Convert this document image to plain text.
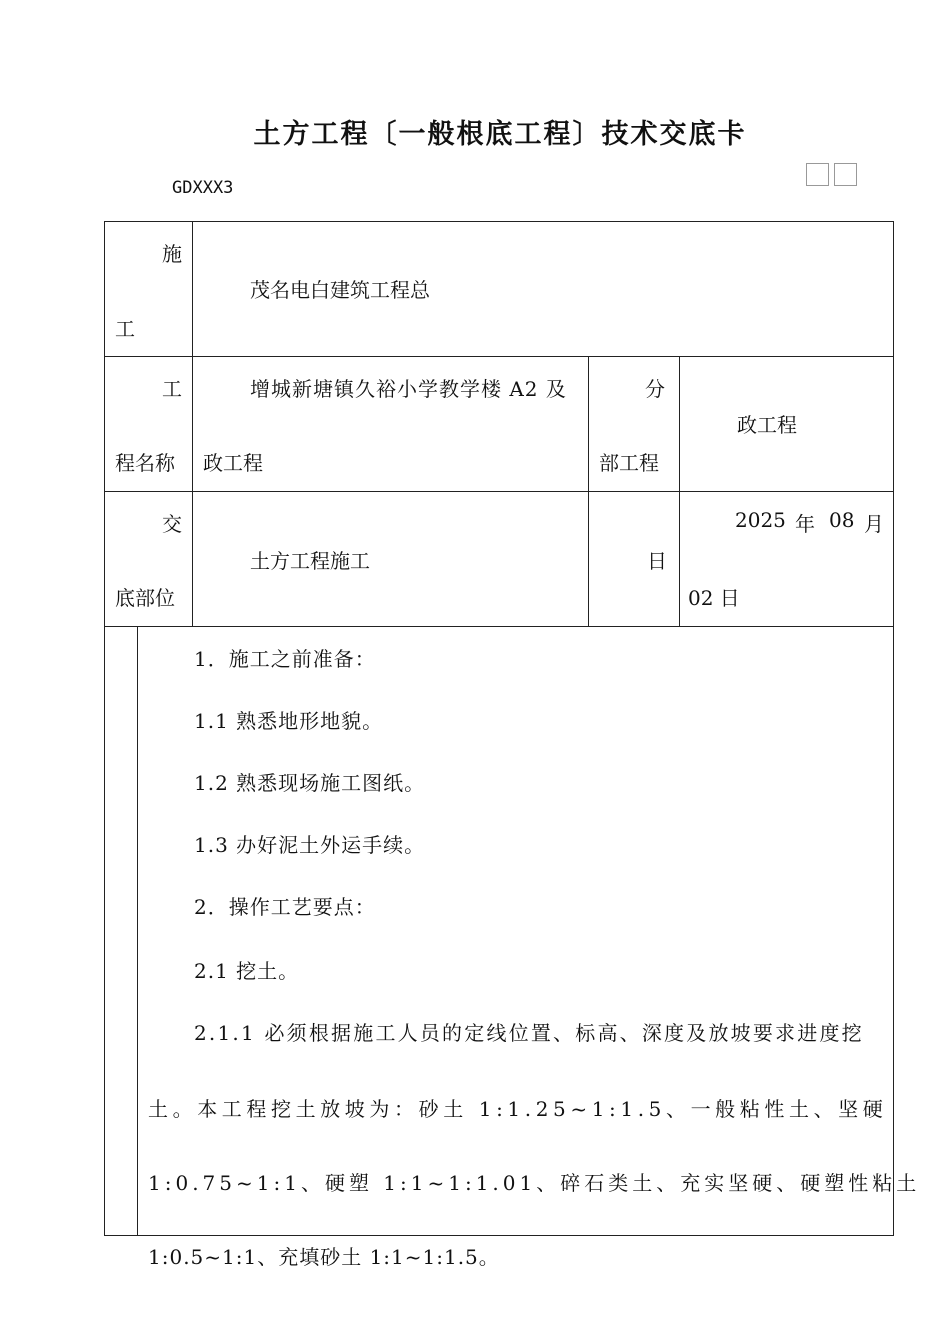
土方工程〔一般根底工程〕技术交底卡
GDXXX3
施
工
茂名电白建筑工程总
工
程名称
增城新塘镇久裕小学教学楼 A2 及
政工程
分
部工程
政工程
交
底部位
土方工程施工	日
2025 年 08 月
02 日
1．施工之前准备：
1.1 熟悉地形地貌。
1.2 熟悉现场施工图纸。
1.3 办好泥土外运手续。
2．操作工艺要点：
2.1 挖土。
2.1.1 必须根据施工人员的定线位置、标高、深度及放坡要求进度挖
土。本工程挖土放坡为：砂土 1:1.25~1:1.5、一般粘性土、坚硬
1:0.75~1:1、硬塑 1:1~1:1.01、碎石类土、充实坚硬、硬塑性粘土
1:0.5~1:1、充填砂土 1:1~1:1.5。
